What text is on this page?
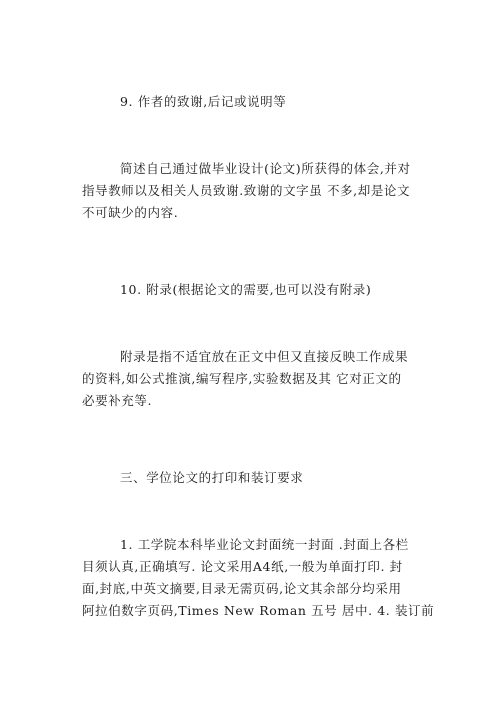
9. 作者的致谢,后记或说明等
简述自己通过做毕业设计(论文)所获得的体会,并对
指导教师以及相关人员致谢.致谢的文字虽 不多,却是论文
不可缺少的内容.
10. 附录(根据论文的需要,也可以没有附录)
附录是指不适宜放在正文中但又直接反映工作成果
的资料,如公式推演,编写程序,实验数据及其 它对正文的
必要补充等.
三、学位论文的打印和装订要求
1. 工学院本科毕业论文封面统一封面 .封面上各栏
目须认真,正确填写. 论文采用A4纸,一般为单面打印. 封
面,封底,中英文摘要,目录无需页码,论文其余部分均采用
阿拉伯数字页码,Times New Roman 五号 居中. 4. 装订前
